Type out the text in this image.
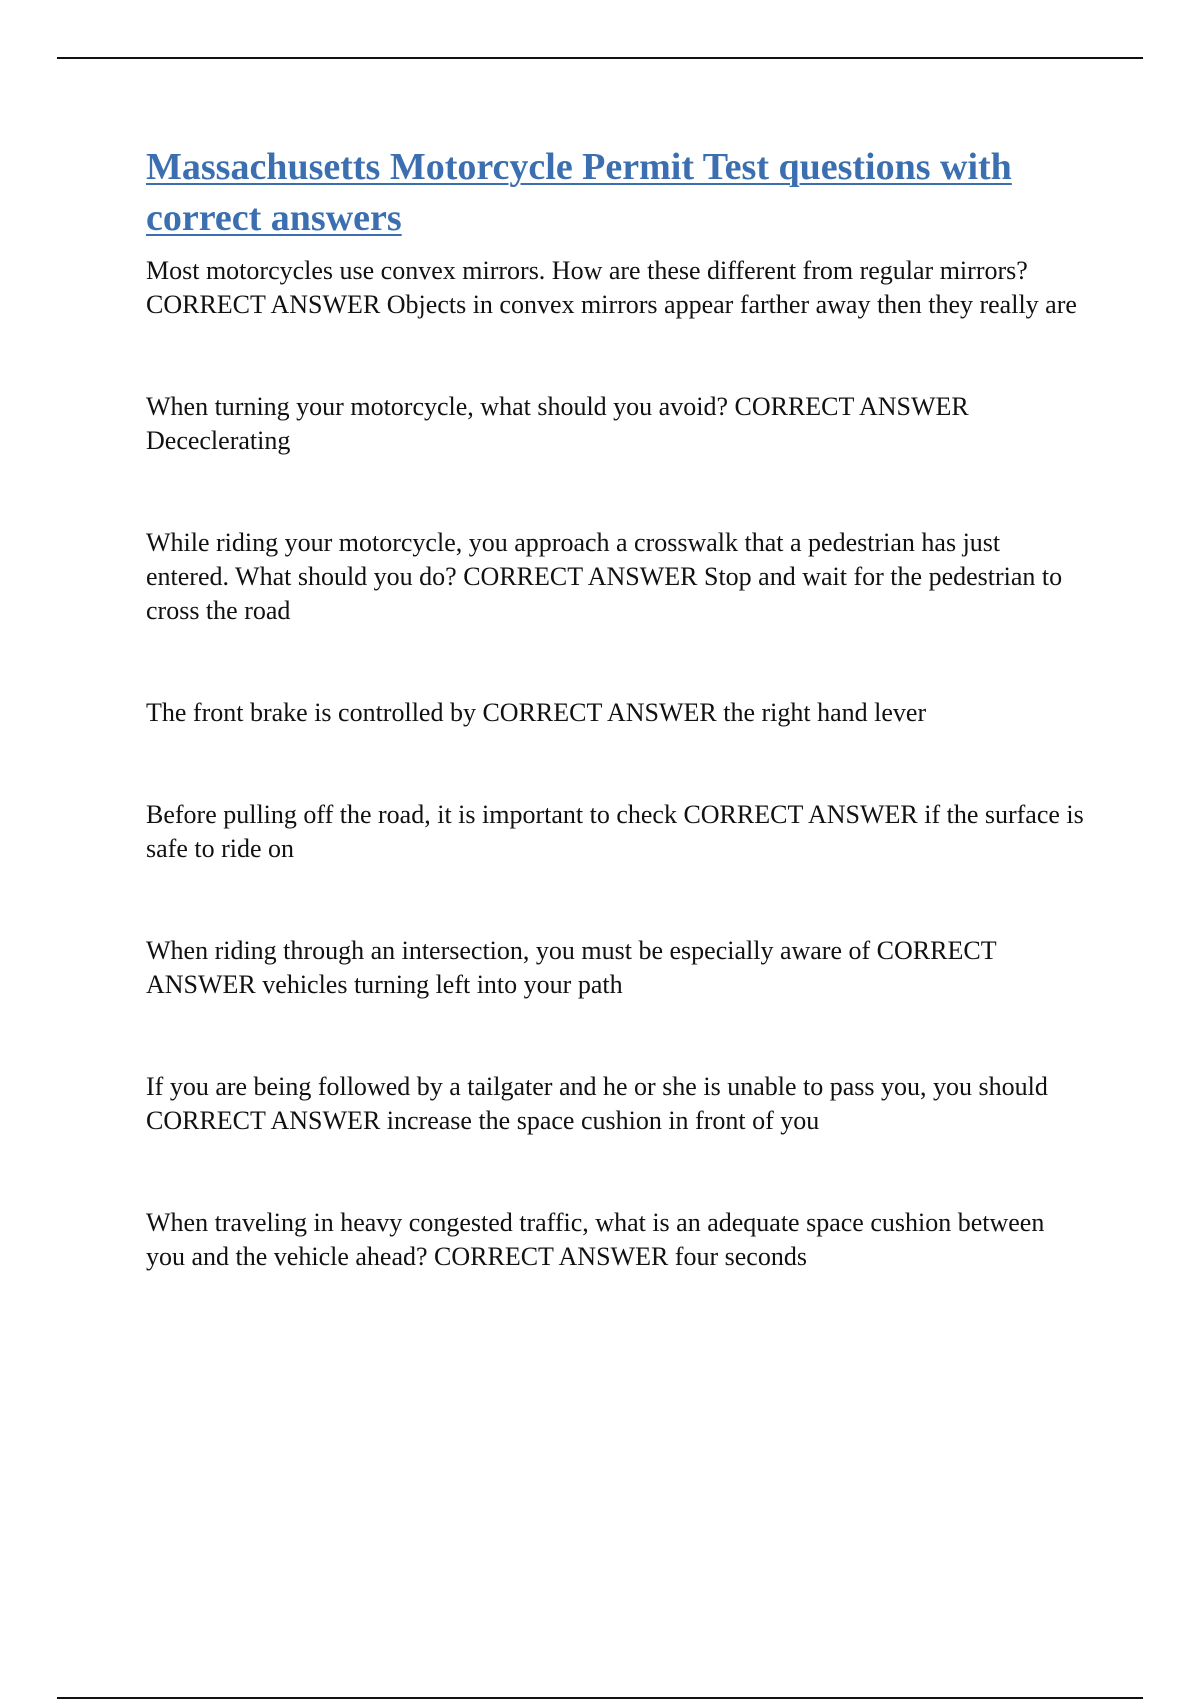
Massachusetts Motorcycle Permit Test questions with correct answers

Most motorcycles use convex mirrors. How are these different from regular mirrors? CORRECT ANSWER Objects in convex mirrors appear farther away then they really are

When turning your motorcycle, what should you avoid? CORRECT ANSWER Dececlerating

While riding your motorcycle, you approach a crosswalk that a pedestrian has just entered. What should you do? CORRECT ANSWER Stop and wait for the pedestrian to cross the road

The front brake is controlled by CORRECT ANSWER the right hand lever

Before pulling off the road, it is important to check CORRECT ANSWER if the surface is safe to ride on

When riding through an intersection, you must be especially aware of CORRECT ANSWER vehicles turning left into your path

If you are being followed by a tailgater and he or she is unable to pass you, you should CORRECT ANSWER increase the space cushion in front of you

When traveling in heavy congested traffic, what is an adequate space cushion between you and the vehicle ahead? CORRECT ANSWER four seconds
